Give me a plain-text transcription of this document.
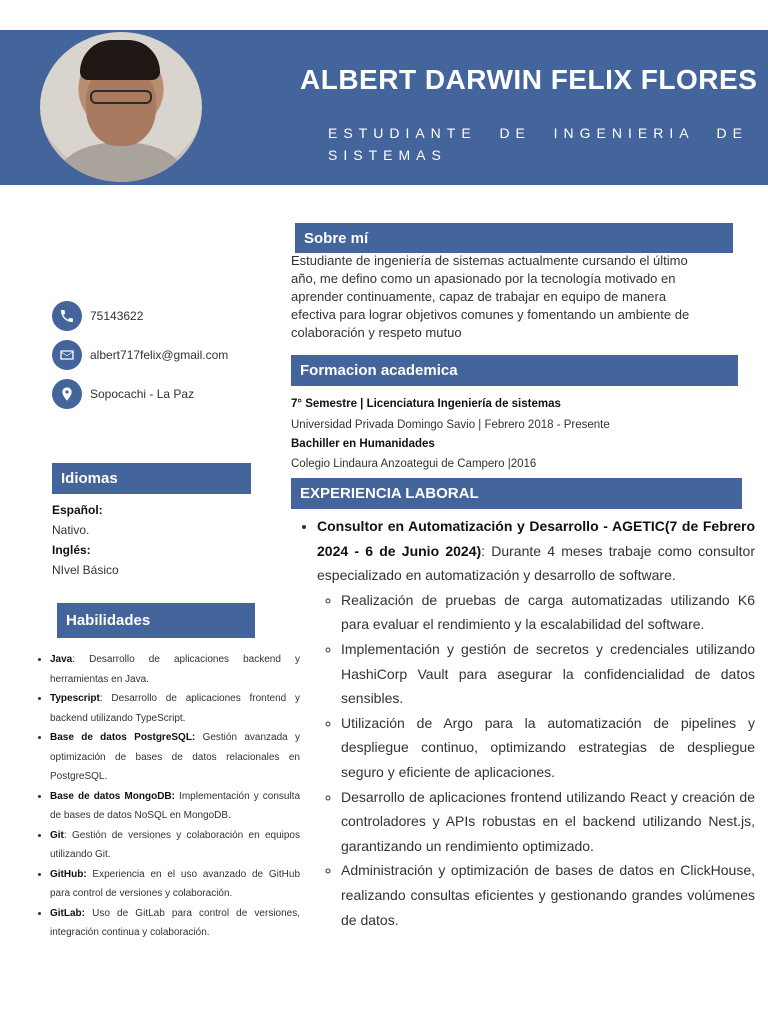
ALBERT DARWIN FELIX FLORES
ESTUDIANTE DE INGENIERIA DE SISTEMAS
75143622
albert717felix@gmail.com
Sopocachi - La Paz
Idiomas
Español:
Nativo.
Inglés:
NIvel Básico
Habilidades
• Java: Desarrollo de aplicaciones backend y herramientas en Java.
• Typescript: Desarrollo de aplicaciones frontend y backend utilizando TypeScript.
• Base de datos PostgreSQL: Gestión avanzada y optimización de bases de datos relacionales en PostgreSQL.
• Base de datos MongoDB: Implementación y consulta de bases de datos NoSQL en MongoDB.
• Git: Gestión de versiones y colaboración en equipos utilizando Git.
• GitHub: Experiencia en el uso avanzado de GitHub para control de versiones y colaboración.
• GitLab: Uso de GitLab para control de versiones, integración continua y colaboración.
Sobre mí
Estudiante de ingeniería de sistemas actualmente cursando el último año, me defino como un apasionado por la tecnología motivado en aprender continuamente, capaz de trabajar en equipo de manera efectiva para lograr objetivos comunes y fomentando un ambiente de colaboración y respeto mutuo
Formacion academica
7° Semestre | Licenciatura Ingeniería de sistemas
Universidad Privada Domingo Savio | Febrero 2018 - Presente
Bachiller en Humanidades
Colegio Lindaura Anzoategui de Campero |2016
EXPERIENCIA LABORAL
• Consultor en Automatización y Desarrollo - AGETIC(7 de Febrero 2024 - 6 de Junio 2024): Durante 4 meses trabaje como consultor especializado en automatización y desarrollo de software.
◦ Realización de pruebas de carga automatizadas utilizando K6 para evaluar el rendimiento y la escalabilidad del software.
◦ Implementación y gestión de secretos y credenciales utilizando HashiCorp Vault para asegurar la confidencialidad de datos sensibles.
◦ Utilización de Argo para la automatización de pipelines y despliegue continuo, optimizando estrategias de despliegue seguro y eficiente de aplicaciones.
◦ Desarrollo de aplicaciones frontend utilizando React y creación de controladores y APIs robustas en el backend utilizando Nest.js, garantizando un rendimiento optimizado.
◦ Administración y optimización de bases de datos en ClickHouse, realizando consultas eficientes y gestionando grandes volúmenes de datos.
